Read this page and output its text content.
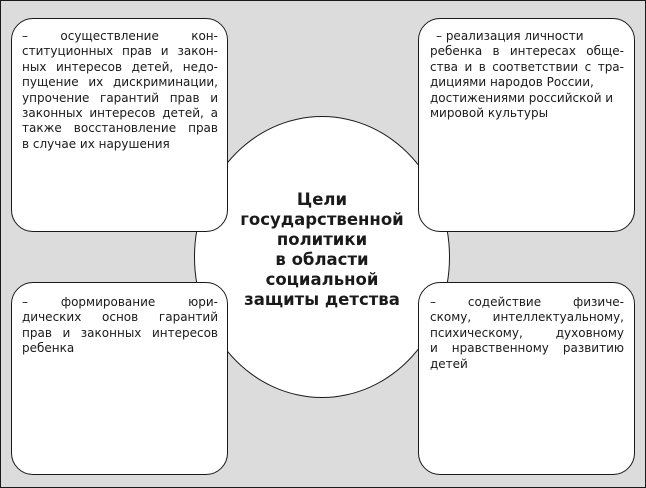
Цели
государственной
политики
в области
социальной
защиты детства
– осуществление кон-
ституционных прав и закон-
ных интересов детей, недо-
пущение их дискриминации,
упрочение гарантий прав и
законных интересов детей, а
также восстановление прав
в случае их нарушения
– реализация личности
ребенка в интересах обще-
ства и в соответствии с тра-
дициями народов России,
достижениями российской и
мировой культуры
– формирование юри-
дических основ гарантий
прав и законных интересов
ребенка
– содействие физиче-
скому, интеллектуальному,
психическому, духовному
и нравственному развитию
детей
